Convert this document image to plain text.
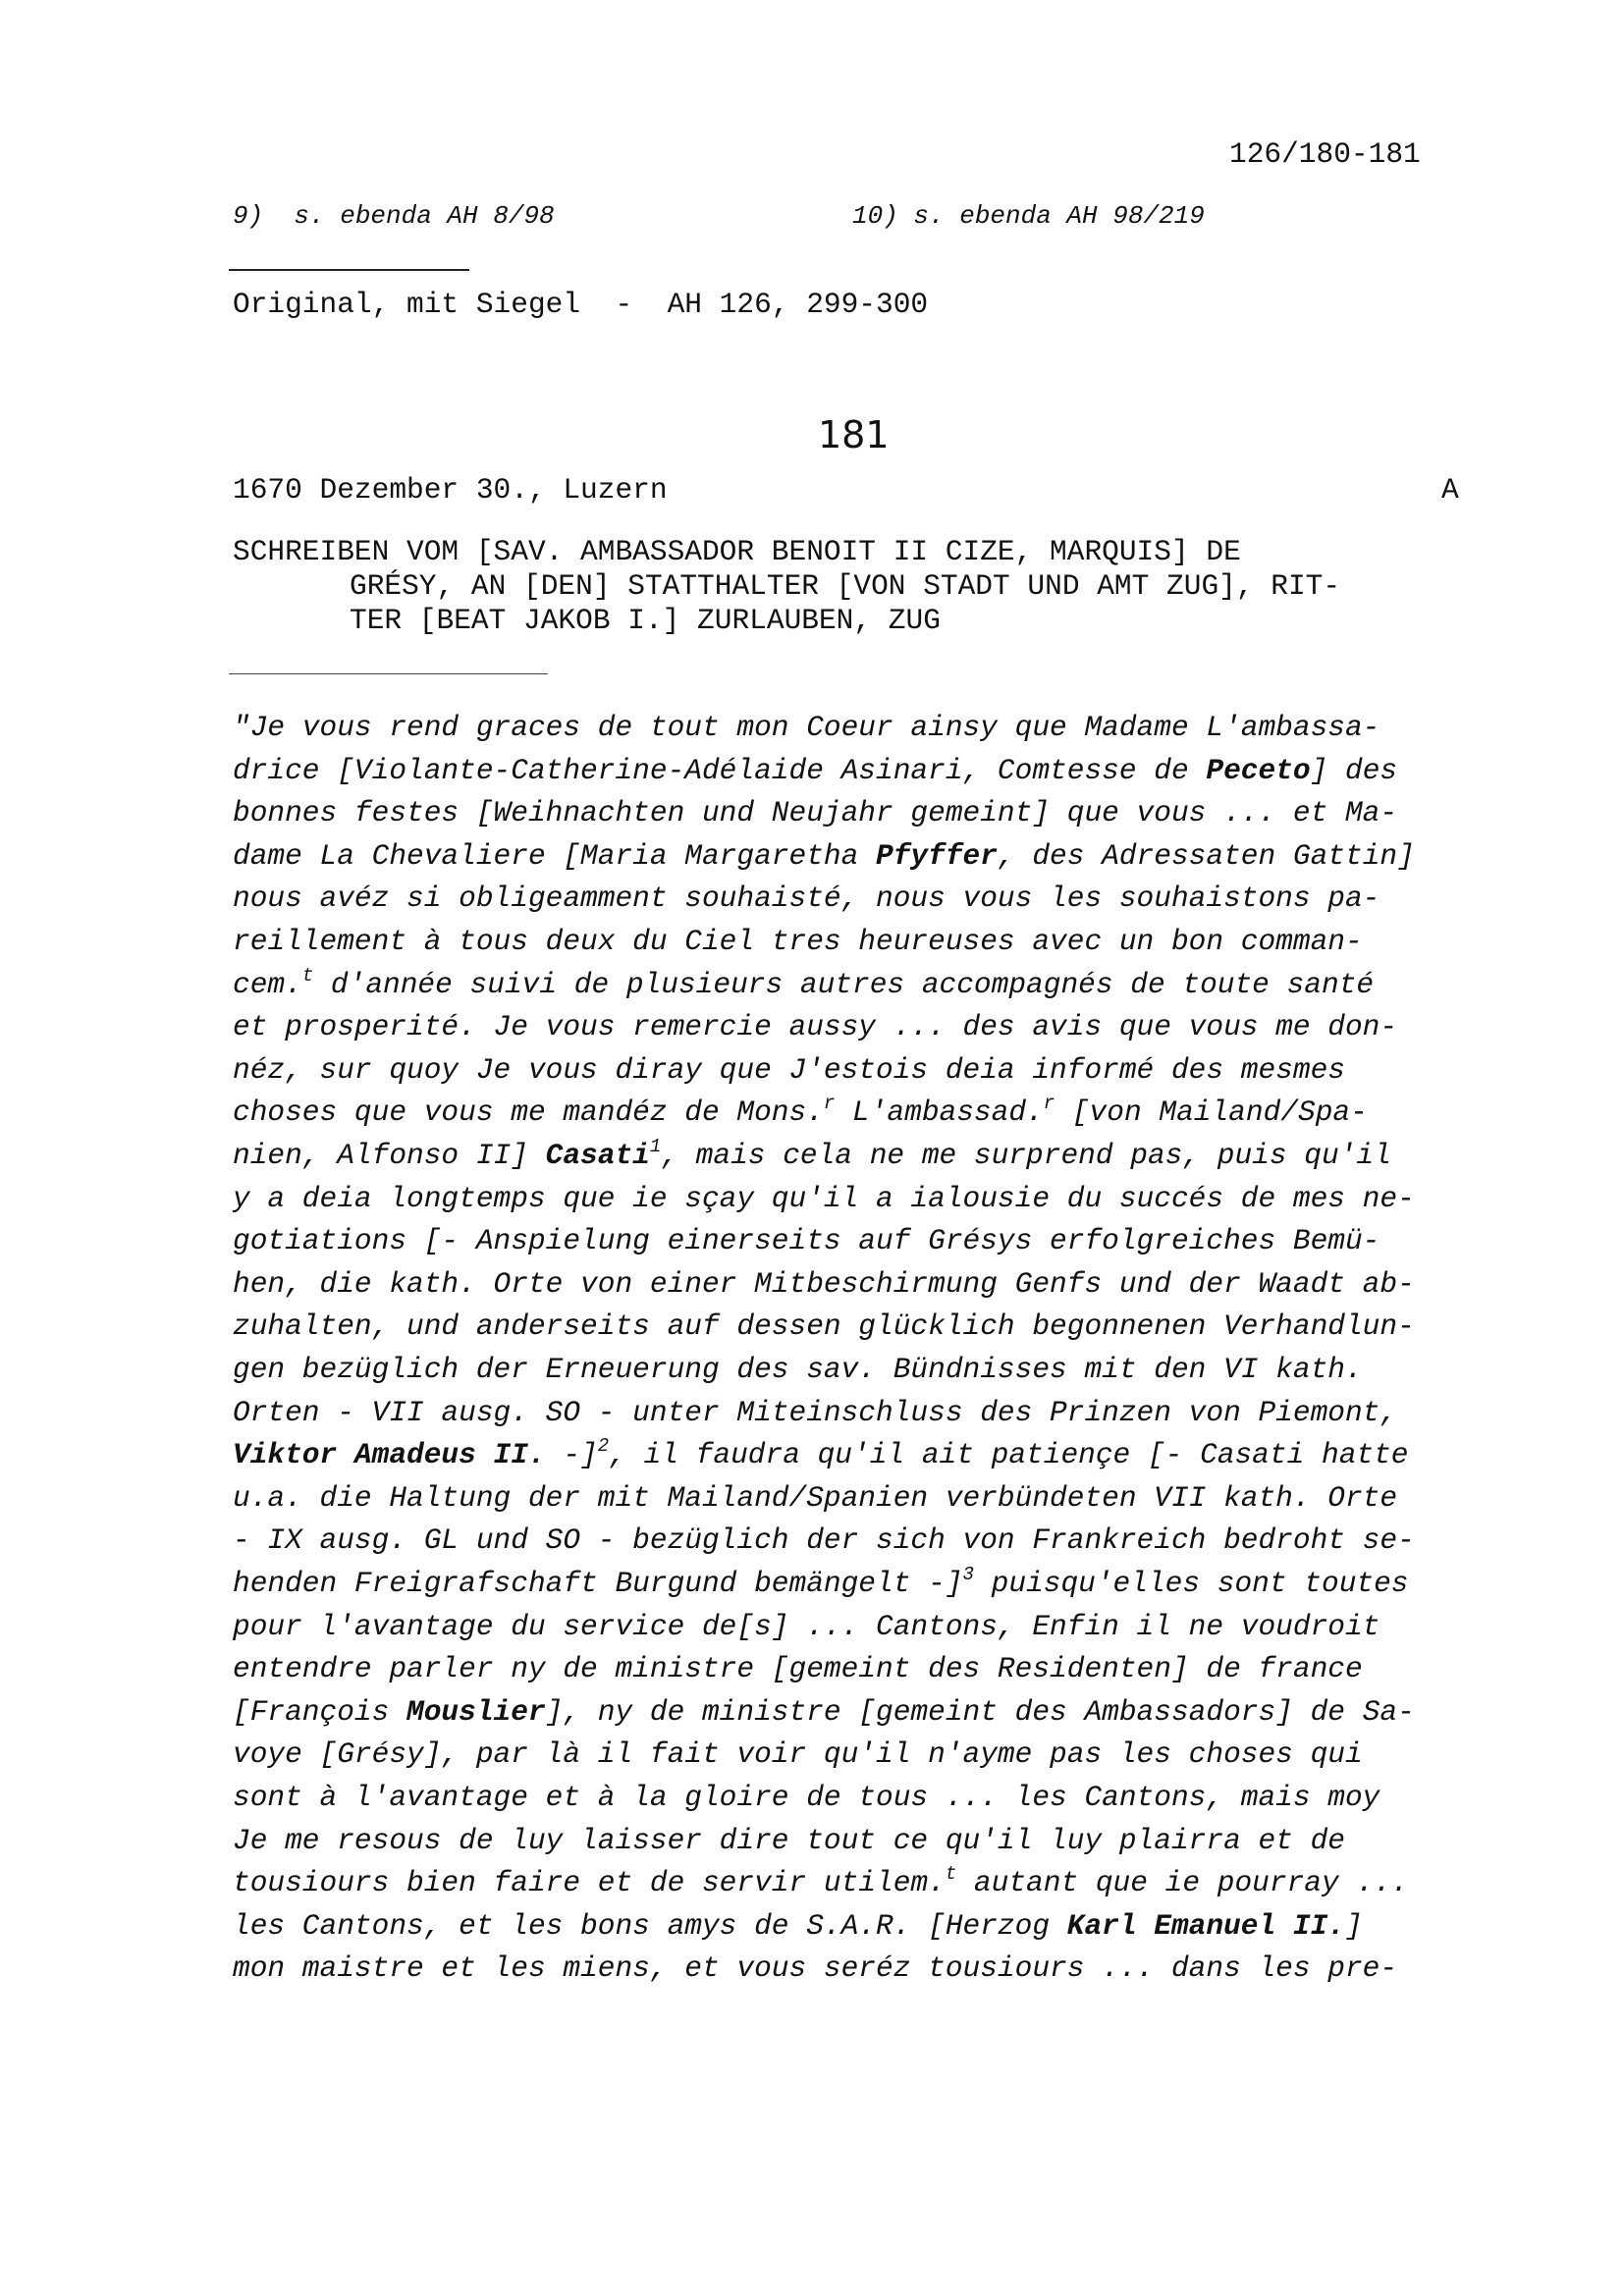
126/180-181
9)  s. ebenda AH 8/98	10) s. ebenda AH 98/219
Original, mit Siegel  -  AH 126, 299-300
181
1670 Dezember 30., Luzern	A
SCHREIBEN VOM [SAV. AMBASSADOR BENOIT II CIZE, MARQUIS] DE
GRÉSY, AN [DEN] STATTHALTER [VON STADT UND AMT ZUG], RIT-
TER [BEAT JAKOB I.] ZURLAUBEN, ZUG
"Je vous rend graces de tout mon Coeur ainsy que Madame L'ambassa-
drice [Violante-Catherine-Adélaide Asinari, Comtesse de Peceto] des
bonnes festes [Weihnachten und Neujahr gemeint] que vous ... et Ma-
dame La Chevaliere [Maria Margaretha Pfyffer, des Adressaten Gattin]
nous avéz si obligeamment souhaisté, nous vous les souhaistons pa-
reillement à tous deux du Ciel tres heureuses avec un bon comman-
cem.$^t$ d'année suivi de plusieurs autres accompagnés de toute santé
et prosperité. Je vous remercie aussy ... des avis que vous me don-
néz, sur quoy Je vous diray que J'estois deia informé des mesmes
choses que vous me mandéz de Mons.$^r$ L'ambassad.$^r$ [von Mailand/Spa-
nien, Alfonso II] Casati$^1$, mais cela ne me surprend pas, puis qu'il
y a deia longtemps que ie sçay qu'il a ialousie du succés de mes ne-
gotiations [- Anspielung einerseits auf Grésys erfolgreiches Bemü-
hen, die kath. Orte von einer Mitbeschirmung Genfs und der Waadt ab-
zuhalten, und anderseits auf dessen glücklich begonnenen Verhandlun-
gen bezüglich der Erneuerung des sav. Bündnisses mit den VI kath.
Orten - VII ausg. SO - unter Miteinschluss des Prinzen von Piemont,
Viktor Amadeus II. -]$^2$, il faudra qu'il ait patiençe [- Casati hatte
u.a. die Haltung der mit Mailand/Spanien verbündeten VII kath. Orte
- IX ausg. GL und SO - bezüglich der sich von Frankreich bedroht se-
henden Freigrafschaft Burgund bemängelt -]$^3$ puisqu'elles sont toutes
pour l'avantage du service de[s] ... Cantons, Enfin il ne voudroit
entendre parler ny de ministre [gemeint des Residenten] de france
[François Mouslier], ny de ministre [gemeint des Ambassadors] de Sa-
voye [Grésy], par là il fait voir qu'il n'ayme pas les choses qui
sont à l'avantage et à la gloire de tous ... les Cantons, mais moy
Je me resous de luy laisser dire tout ce qu'il luy plairra et de
tousiours bien faire et de servir utilem.$^t$ autant que ie pourray ...
les Cantons, et les bons amys de S.A.R. [Herzog Karl Emanuel II.]
mon maistre et les miens, et vous seréz tousiours ... dans les pre-
